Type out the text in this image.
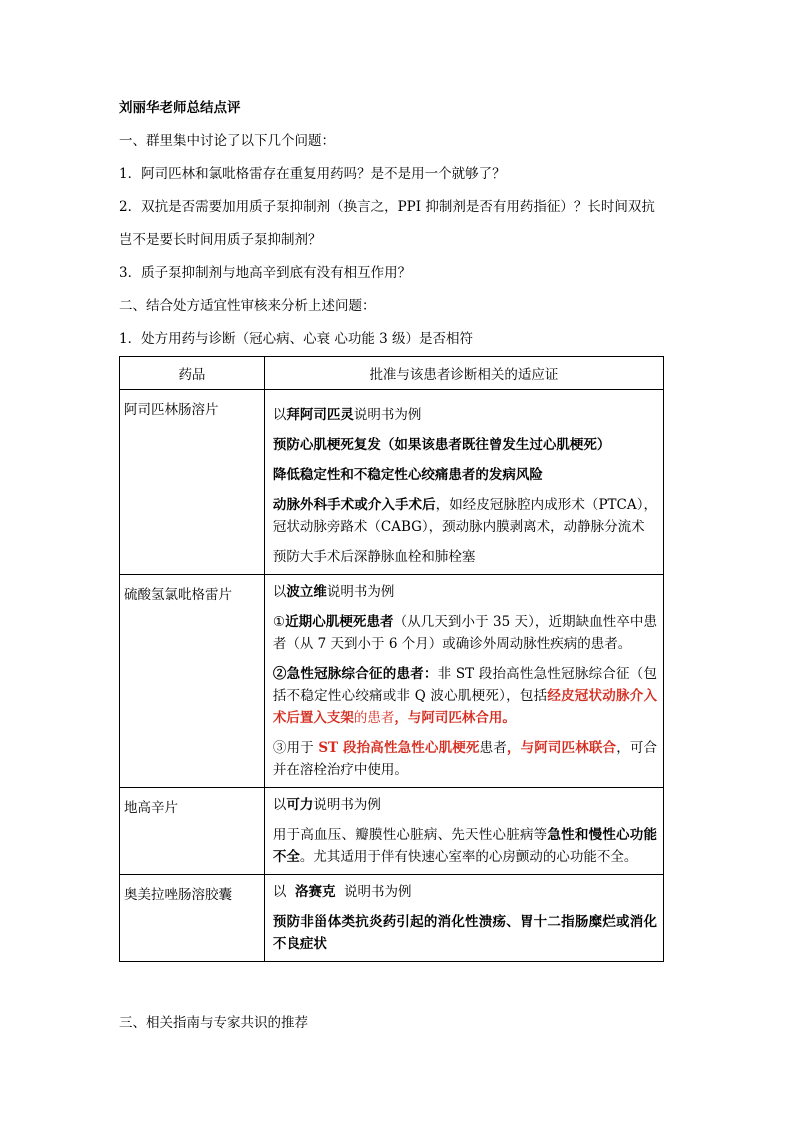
刘丽华老师总结点评
一、群里集中讨论了以下几个问题：
1．阿司匹林和氯吡格雷存在重复用药吗？是不是用一个就够了？
2．双抗是否需要加用质子泵抑制剂（换言之，PPI 抑制剂是否有用药指征）？长时间双抗
岂不是要长时间用质子泵抑制剂？
3．质子泵抑制剂与地高辛到底有没有相互作用？
二、结合处方适宜性审核来分析上述问题：
1．处方用药与诊断（冠心病、心衰 心功能 3 级）是否相符
药品	批准与该患者诊断相关的适应证
阿司匹林肠溶片	以拜阿司匹灵说明书为例

预防心肌梗死复发（如果该患者既往曾发生过心肌梗死）

降低稳定性和不稳定性心绞痛患者的发病风险

动脉外科手术或介入手术后，如经皮冠脉腔内成形术（PTCA），冠状动脉旁路术（CABG），颈动脉内膜剥离术，动静脉分流术

预防大手术后深静脉血栓和肺栓塞

硫酸氢氯吡格雷片	以波立维说明书为例

①近期心肌梗死患者（从几天到小于 35 天），近期缺血性卒中患者（从 7 天到小于 6 个月）或确诊外周动脉性疾病的患者。

②急性冠脉综合征的患者：非 ST 段抬高性急性冠脉综合征（包括不稳定性心绞痛或非 Q 波心肌梗死），包括经皮冠状动脉介入术后置入支架的患者，与阿司匹林合用。

③用于 ST 段抬高性急性心肌梗死患者，与阿司匹林联合，可合并在溶栓治疗中使用。

地高辛片	以可力说明书为例

用于高血压、瓣膜性心脏病、先天性心脏病等急性和慢性心功能不全。尤其适用于伴有快速心室率的心房颤动的心功能不全。

奥美拉唑肠溶胶囊	以  洛赛克  说明书为例

预防非甾体类抗炎药引起的消化性溃疡、胃十二指肠糜烂或消化不良症状

三、相关指南与专家共识的推荐
